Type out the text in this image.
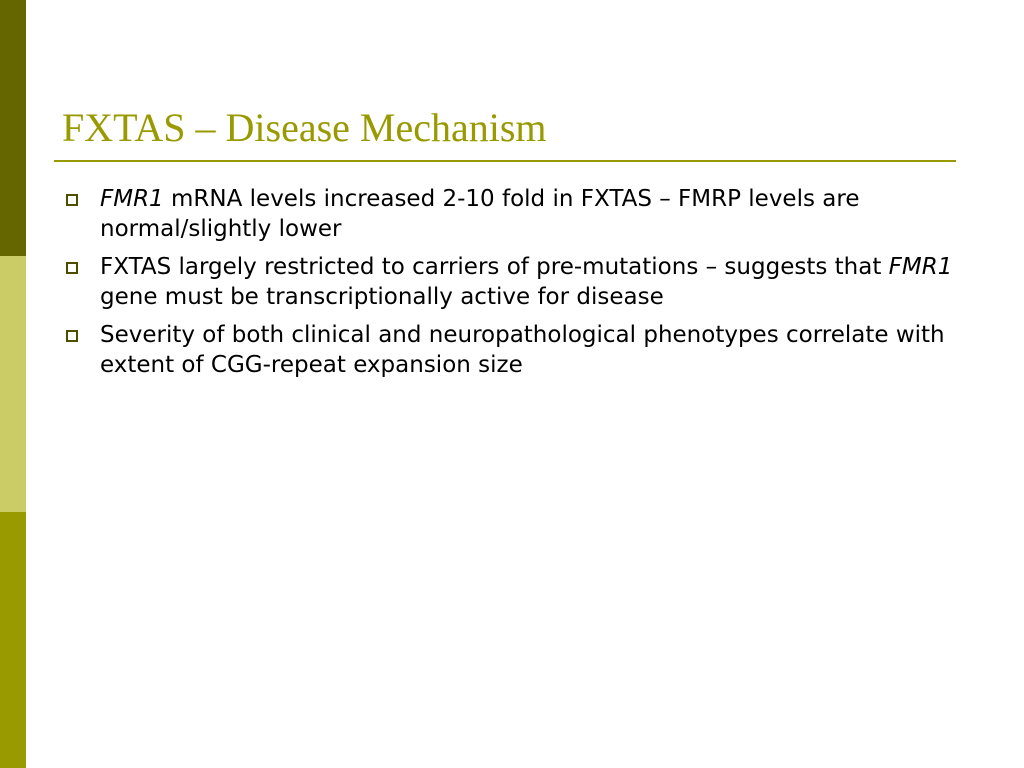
FXTAS – Disease Mechanism
FMR1 mRNA levels increased 2-10 fold in FXTAS – FMRP levels are normal/slightly lower
FXTAS largely restricted to carriers of pre-mutations – suggests that FMR1 gene must be transcriptionally active for disease
Severity of both clinical and neuropathological phenotypes correlate with extent of CGG-repeat expansion size
